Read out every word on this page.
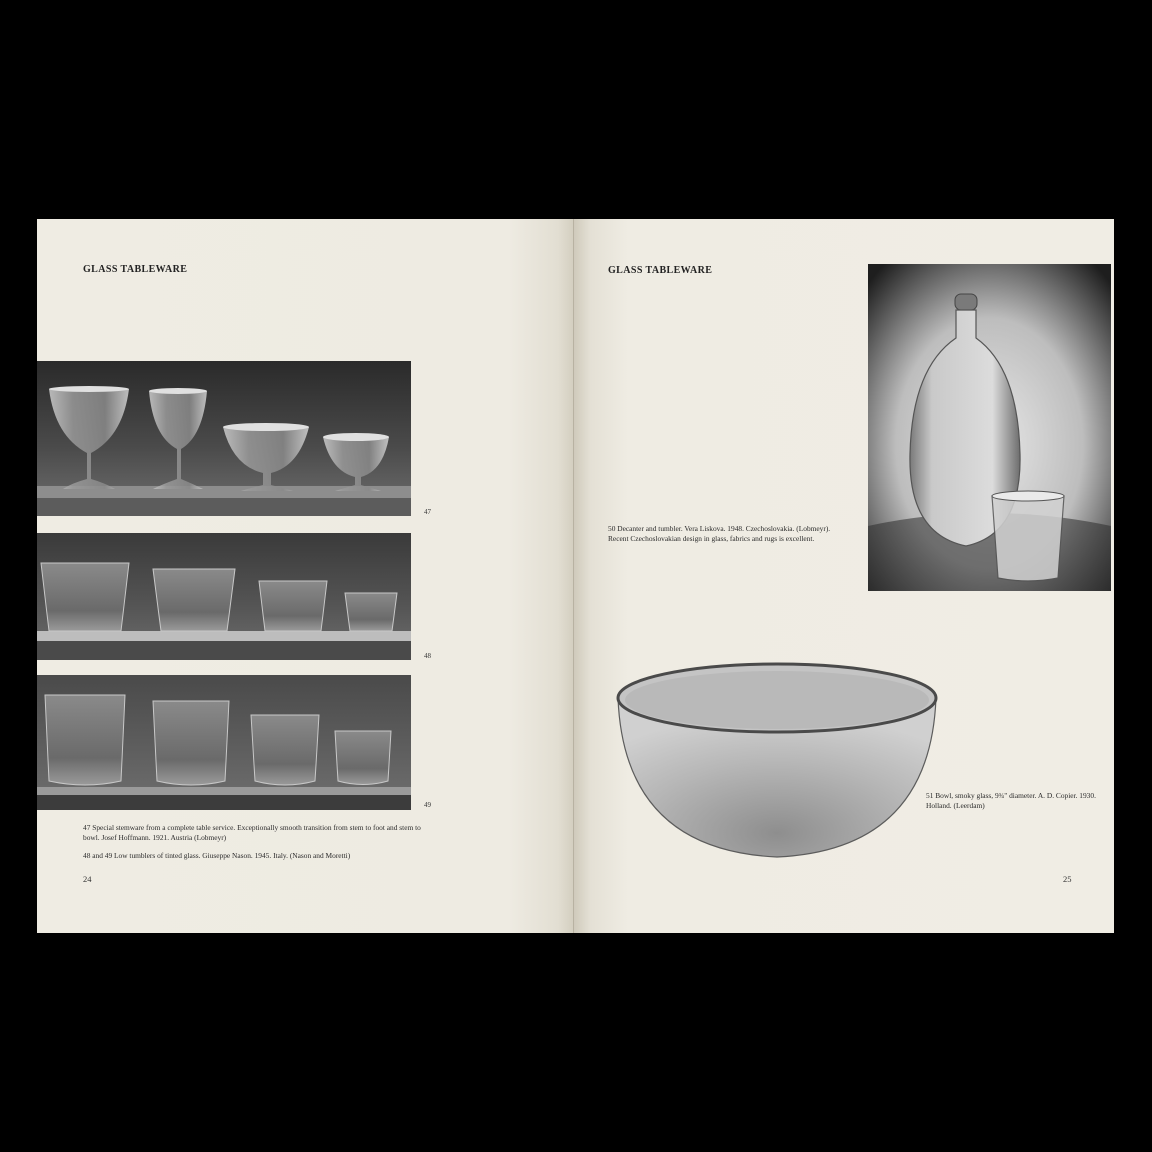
GLASS TABLEWARE
47
48
49
47 Special stemware from a complete table service. Exceptionally smooth transition from stem to foot and stem to bowl. Josef Hoffmann. 1921. Austria (Lobmeyr)
48 and 49 Low tumblers of tinted glass. Giuseppe Nason. 1945. Italy. (Nason and Moretti)
24
GLASS TABLEWARE
50 Decanter and tumbler. Vera Liskova. 1948. Czechoslovakia. (Lobmeyr). Recent Czechoslovakian design in glass, fabrics and rugs is excellent.
51 Bowl, smoky glass, 9¾" diameter. A. D. Copier. 1930. Holland. (Leerdam)
25
